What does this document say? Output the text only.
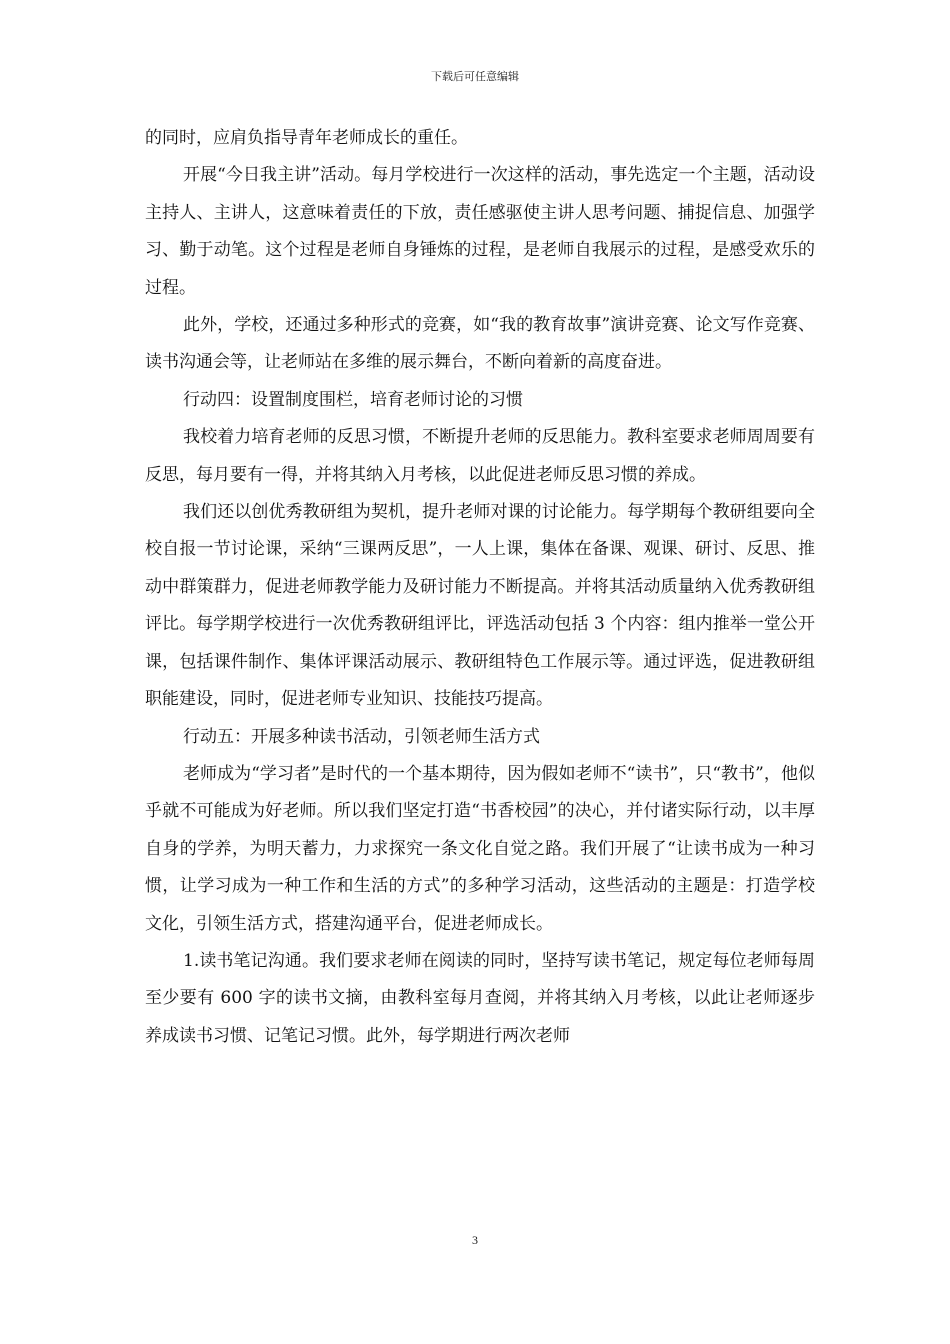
下载后可任意编辑

的同时，应肩负指导青年老师成长的重任。

开展“今日我主讲”活动。每月学校进行一次这样的活动，事先选定一个主题，活动设主持人、主讲人，这意味着责任的下放，责任感驱使主讲人思考问题、捕捉信息、加强学习、勤于动笔。这个过程是老师自身锤炼的过程，是老师自我展示的过程，是感受欢乐的过程。

此外，学校，还通过多种形式的竞赛，如“我的教育故事”演讲竞赛、论文写作竞赛、读书沟通会等，让老师站在多维的展示舞台，不断向着新的高度奋进。

行动四：设置制度围栏，培育老师讨论的习惯

我校着力培育老师的反思习惯，不断提升老师的反思能力。教科室要求老师周周要有反思，每月要有一得，并将其纳入月考核，以此促进老师反思习惯的养成。

我们还以创优秀教研组为契机，提升老师对课的讨论能力。每学期每个教研组要向全校自报一节讨论课，采纳“三课两反思”，一人上课，集体在备课、观课、研讨、反思、推动中群策群力，促进老师教学能力及研讨能力不断提高。并将其活动质量纳入优秀教研组评比。每学期学校进行一次优秀教研组评比，评选活动包括 3 个内容：组内推举一堂公开课，包括课件制作、集体评课活动展示、教研组特色工作展示等。通过评选，促进教研组职能建设，同时，促进老师专业知识、技能技巧提高。

行动五：开展多种读书活动，引领老师生活方式

老师成为“学习者”是时代的一个基本期待，因为假如老师不“读书”，只“教书”，他似乎就不可能成为好老师。所以我们坚定打造“书香校园”的决心，并付诸实际行动，以丰厚自身的学养，为明天蓄力，力求探究一条文化自觉之路。我们开展了“让读书成为一种习惯，让学习成为一种工作和生活的方式”的多种学习活动，这些活动的主题是：打造学校文化，引领生活方式，搭建沟通平台，促进老师成长。

1.读书笔记沟通。我们要求老师在阅读的同时，坚持写读书笔记，规定每位老师每周至少要有 600 字的读书文摘，由教科室每月查阅，并将其纳入月考核，以此让老师逐步养成读书习惯、记笔记习惯。此外，每学期进行两次老师

3
